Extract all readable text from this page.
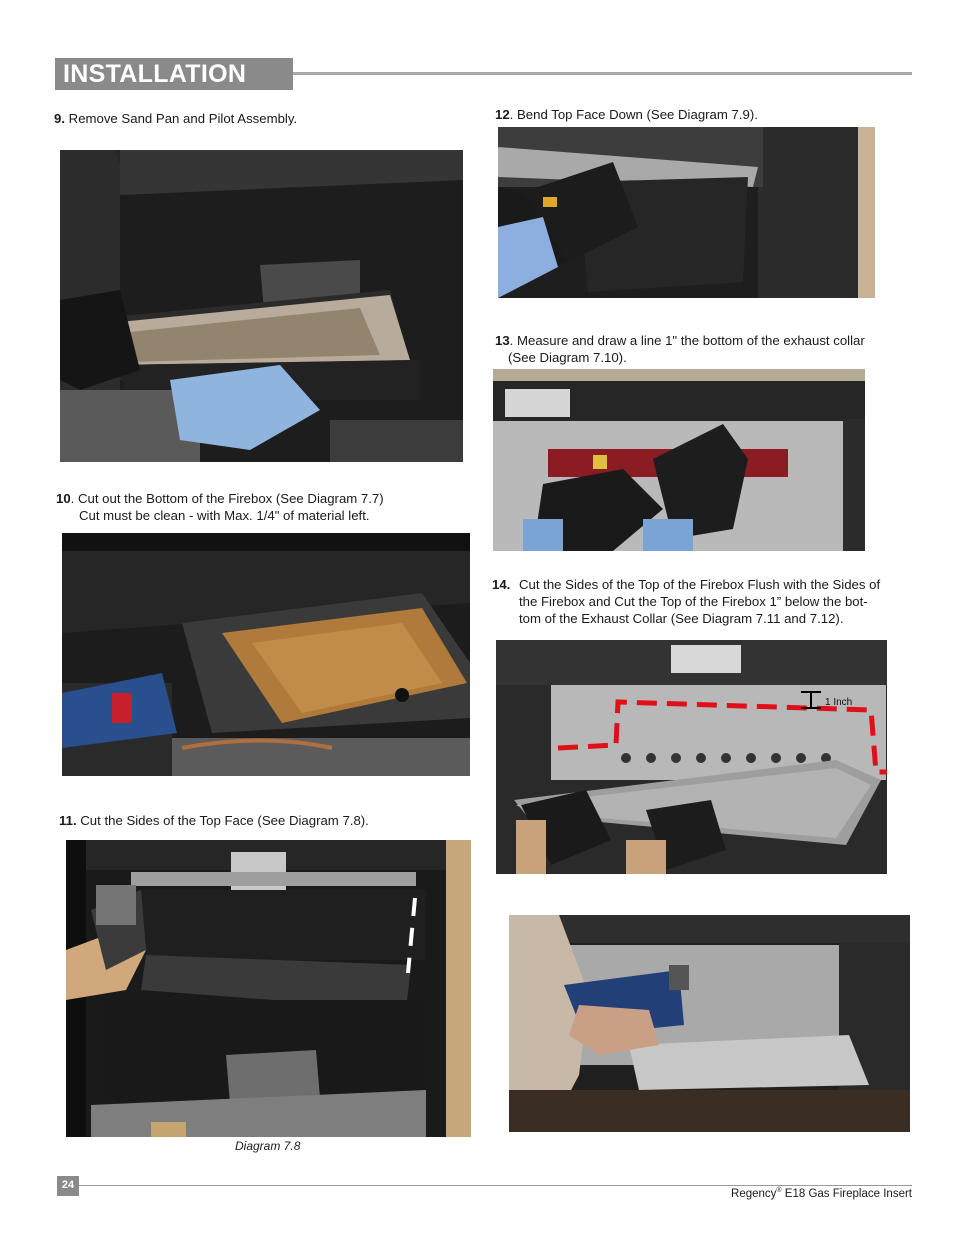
INSTALLATION
9. Remove Sand Pan and Pilot Assembly.
10. Cut out the Bottom of the Firebox (See Diagram 7.7)
Cut must be clean - with Max. 1/4" of material left.
11. Cut the Sides of the Top Face (See Diagram 7.8).
Diagram 7.8
12. Bend Top Face Down (See Diagram 7.9).
13. Measure and draw a line 1" the bottom of the exhaust collar
(See Diagram 7.10).
14. Cut the Sides of the Top of the Firebox Flush with the Sides of
the Firebox and Cut the Top of the Firebox 1” below the bot-
tom of the Exhaust Collar (See Diagram 7.11 and 7.12).
1 Inch
24
Regency® E18 Gas Fireplace Insert
